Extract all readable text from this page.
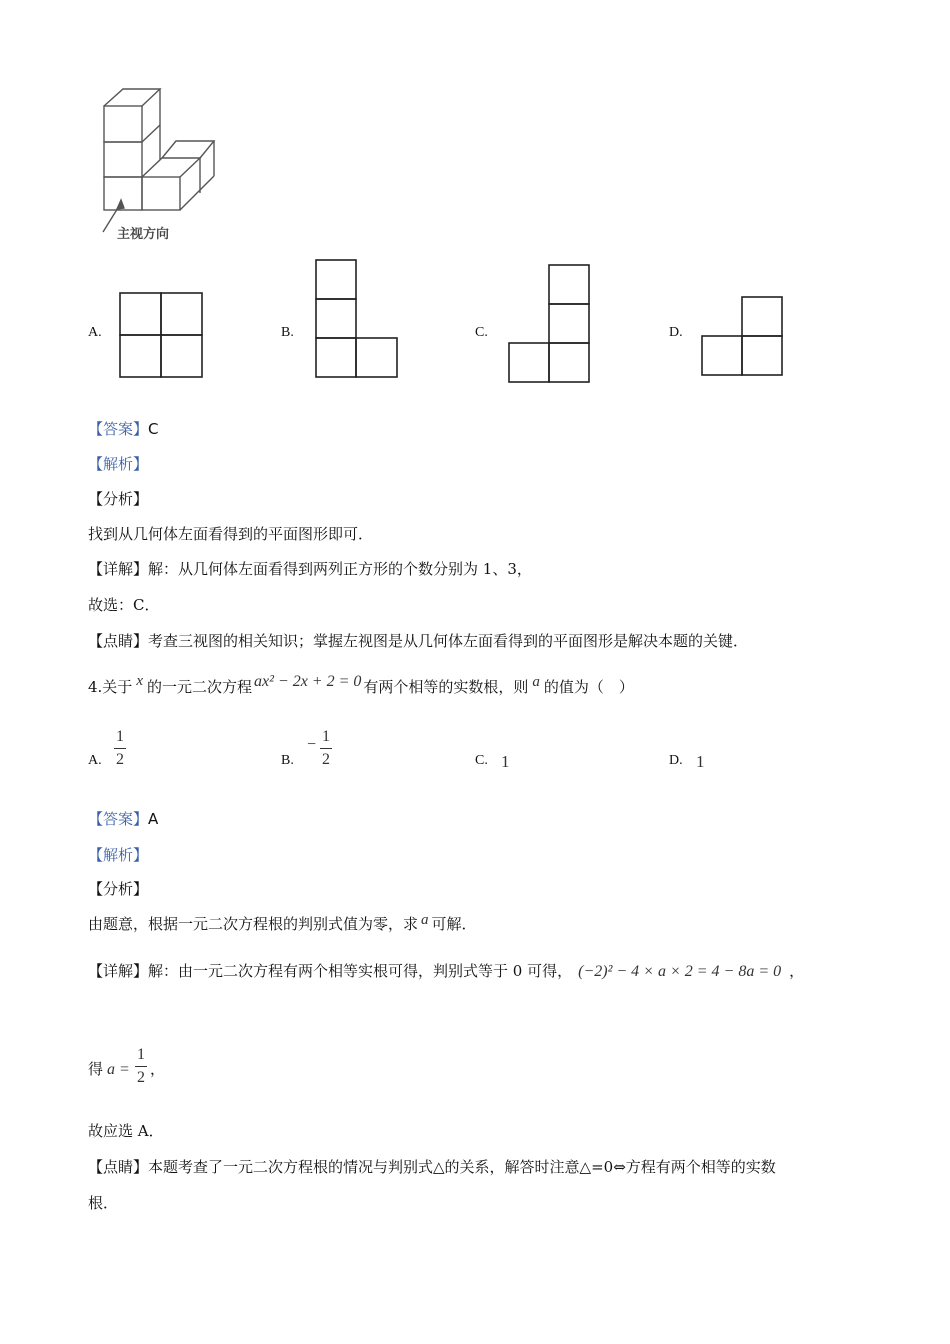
主视方向
A.	B.	C.	D.
【答案】C
【解析】
【分析】
找到从几何体左面看得到的平面图形即可．
【详解】解：从几何体左面看得到两列正方形的个数分别为 1、3，
故选：C．
【点睛】考查三视图的相关知识；掌握左视图是从几何体左面看得到的平面图形是解决本题的关键．
4.关于 x 的一元二次方程 ax² − 2x + 2 = 0 有两个相等的实数根，则 a 的值为（　）
A.
1
2	B.
− 1
2	C. 1	D. 1
【答案】A
【解析】
【分析】
由题意，根据一元二次方程根的判别式值为零，求 a 可解．
【详解】解：由一元二次方程有两个相等实根可得，判别式等于 0 可得， (−2)² − 4 × a × 2 = 4 − 8a = 0 ，
得 a =
1
2 ，
故应选 A．
【点睛】本题考查了一元二次方程根的情况与判别式△的关系，解答时注意△=0⇔方程有两个相等的实数
根．
